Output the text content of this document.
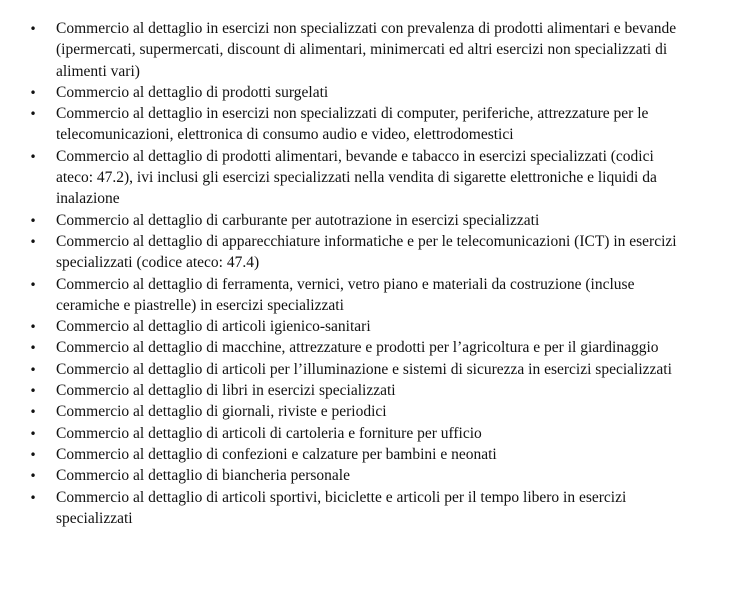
•
Commercio al dettaglio in esercizi non specializzati con prevalenza di prodotti alimentari e bevande (ipermercati, supermercati, discount di alimentari, minimercati ed altri esercizi non specializzati di alimenti vari)
•
Commercio al dettaglio di prodotti surgelati
•
Commercio al dettaglio in esercizi non specializzati di computer, periferiche, attrezzature per le telecomunicazioni, elettronica di consumo audio e video, elettrodomestici
•
Commercio al dettaglio di prodotti alimentari, bevande e tabacco in esercizi specializzati (codici ateco: 47.2), ivi inclusi gli esercizi specializzati nella vendita di sigarette elettroniche e liquidi da inalazione
•
Commercio al dettaglio di carburante per autotrazione in esercizi specializzati
•
Commercio al dettaglio di apparecchiature informatiche e per le telecomunicazioni (ICT) in esercizi specializzati (codice ateco: 47.4)
•
Commercio al dettaglio di ferramenta, vernici, vetro piano e materiali da costruzione (incluse ceramiche e piastrelle) in esercizi specializzati
•
Commercio al dettaglio di articoli igienico-sanitari
•
Commercio al dettaglio di macchine, attrezzature e prodotti per l’agricoltura e per il giardinaggio
•
Commercio al dettaglio di articoli per l’illuminazione e sistemi di sicurezza in esercizi specializzati
•
Commercio al dettaglio di libri in esercizi specializzati
•
Commercio al dettaglio di giornali, riviste e periodici
•
Commercio al dettaglio di articoli di cartoleria e forniture per ufficio
•
Commercio al dettaglio di confezioni e calzature per bambini e neonati
•
Commercio al dettaglio di biancheria personale
•
Commercio al dettaglio di articoli sportivi, biciclette e articoli per il tempo libero in esercizi specializzati
